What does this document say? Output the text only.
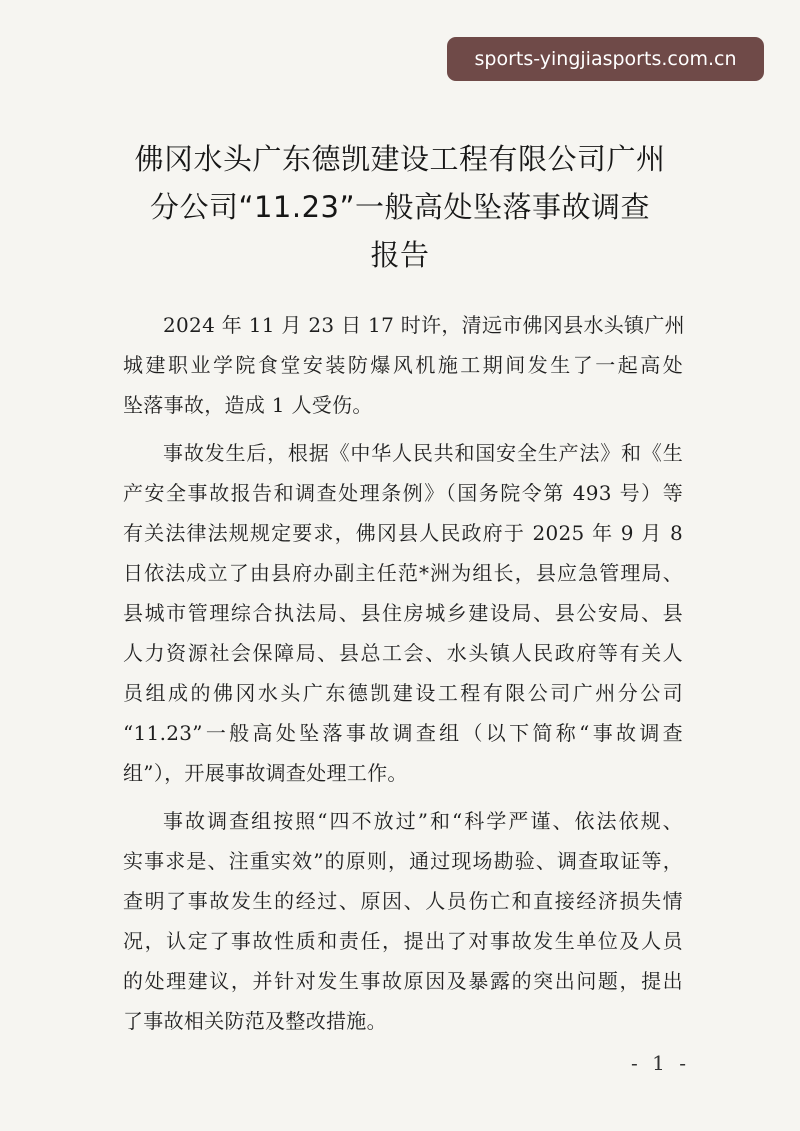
sports-yingjiasports.com.cn
佛冈水头广东德凯建设工程有限公司广州
分公司“11.23”一般高处坠落事故调查
报告
2024 年 11 月 23 日 17 时许，清远市佛冈县水头镇广州
城建职业学院食堂安装防爆风机施工期间发生了一起高处
坠落事故，造成 1 人受伤。
事故发生后，根据《中华人民共和国安全生产法》和《生
产安全事故报告和调查处理条例》（国务院令第 493 号）等
有关法律法规规定要求，佛冈县人民政府于 2025 年 9 月 8
日依法成立了由县府办副主任范*洲为组长，县应急管理局、
县城市管理综合执法局、县住房城乡建设局、县公安局、县
人力资源社会保障局、县总工会、水头镇人民政府等有关人
员组成的佛冈水头广东德凯建设工程有限公司广州分公司
“11.23”一般高处坠落事故调查组（以下简称“事故调查
组”），开展事故调查处理工作。
事故调查组按照“四不放过”和“科学严谨、依法依规、
实事求是、注重实效”的原则，通过现场勘验、调查取证等，
查明了事故发生的经过、原因、人员伤亡和直接经济损失情
况，认定了事故性质和责任，提出了对事故发生单位及人员
的处理建议，并针对发生事故原因及暴露的突出问题，提出
了事故相关防范及整改措施。
- 1 -
